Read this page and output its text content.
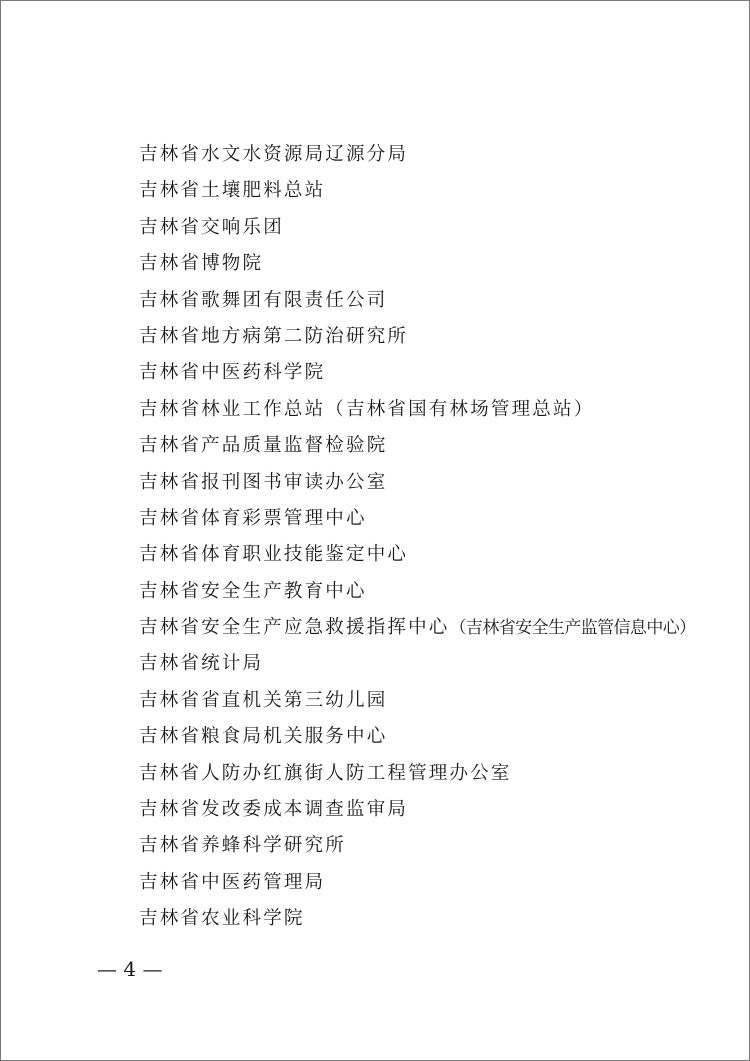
吉林省水文水资源局辽源分局
吉林省土壤肥料总站
吉林省交响乐团
吉林省博物院
吉林省歌舞团有限责任公司
吉林省地方病第二防治研究所
吉林省中医药科学院
吉林省林业工作总站（吉林省国有林场管理总站）
吉林省产品质量监督检验院
吉林省报刊图书审读办公室
吉林省体育彩票管理中心
吉林省体育职业技能鉴定中心
吉林省安全生产教育中心
吉林省安全生产应急救援指挥中心（吉林省安全生产监管信息中心）
吉林省统计局
吉林省省直机关第三幼儿园
吉林省粮食局机关服务中心
吉林省人防办红旗街人防工程管理办公室
吉林省发改委成本调查监审局
吉林省养蜂科学研究所
吉林省中医药管理局
吉林省农业科学院
— 4 —
